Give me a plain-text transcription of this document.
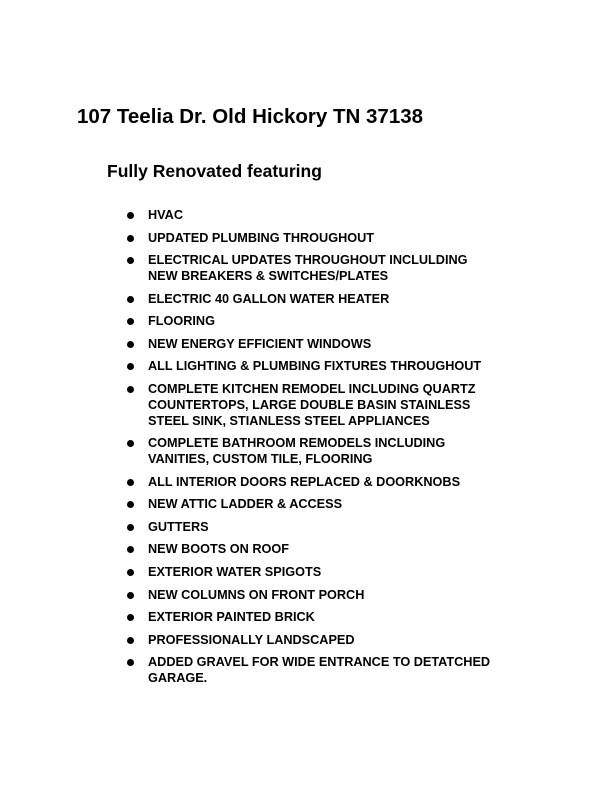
107 Teelia Dr. Old Hickory TN 37138
Fully Renovated featuring
HVAC
UPDATED PLUMBING THROUGHOUT
ELECTRICAL UPDATES THROUGHOUT INCLULDING
NEW BREAKERS & SWITCHES/PLATES
ELECTRIC 40 GALLON WATER HEATER
FLOORING
NEW ENERGY EFFICIENT WINDOWS
ALL LIGHTING & PLUMBING FIXTURES THROUGHOUT
COMPLETE KITCHEN REMODEL INCLUDING QUARTZ
COUNTERTOPS, LARGE DOUBLE BASIN STAINLESS
STEEL SINK, STIANLESS STEEL APPLIANCES
COMPLETE BATHROOM REMODELS INCLUDING
VANITIES, CUSTOM TILE, FLOORING
ALL INTERIOR DOORS REPLACED & DOORKNOBS
NEW ATTIC LADDER & ACCESS
GUTTERS
NEW BOOTS ON ROOF
EXTERIOR WATER SPIGOTS
NEW COLUMNS ON FRONT PORCH
EXTERIOR PAINTED BRICK
PROFESSIONALLY LANDSCAPED
ADDED GRAVEL FOR WIDE ENTRANCE TO DETATCHED
GARAGE.
